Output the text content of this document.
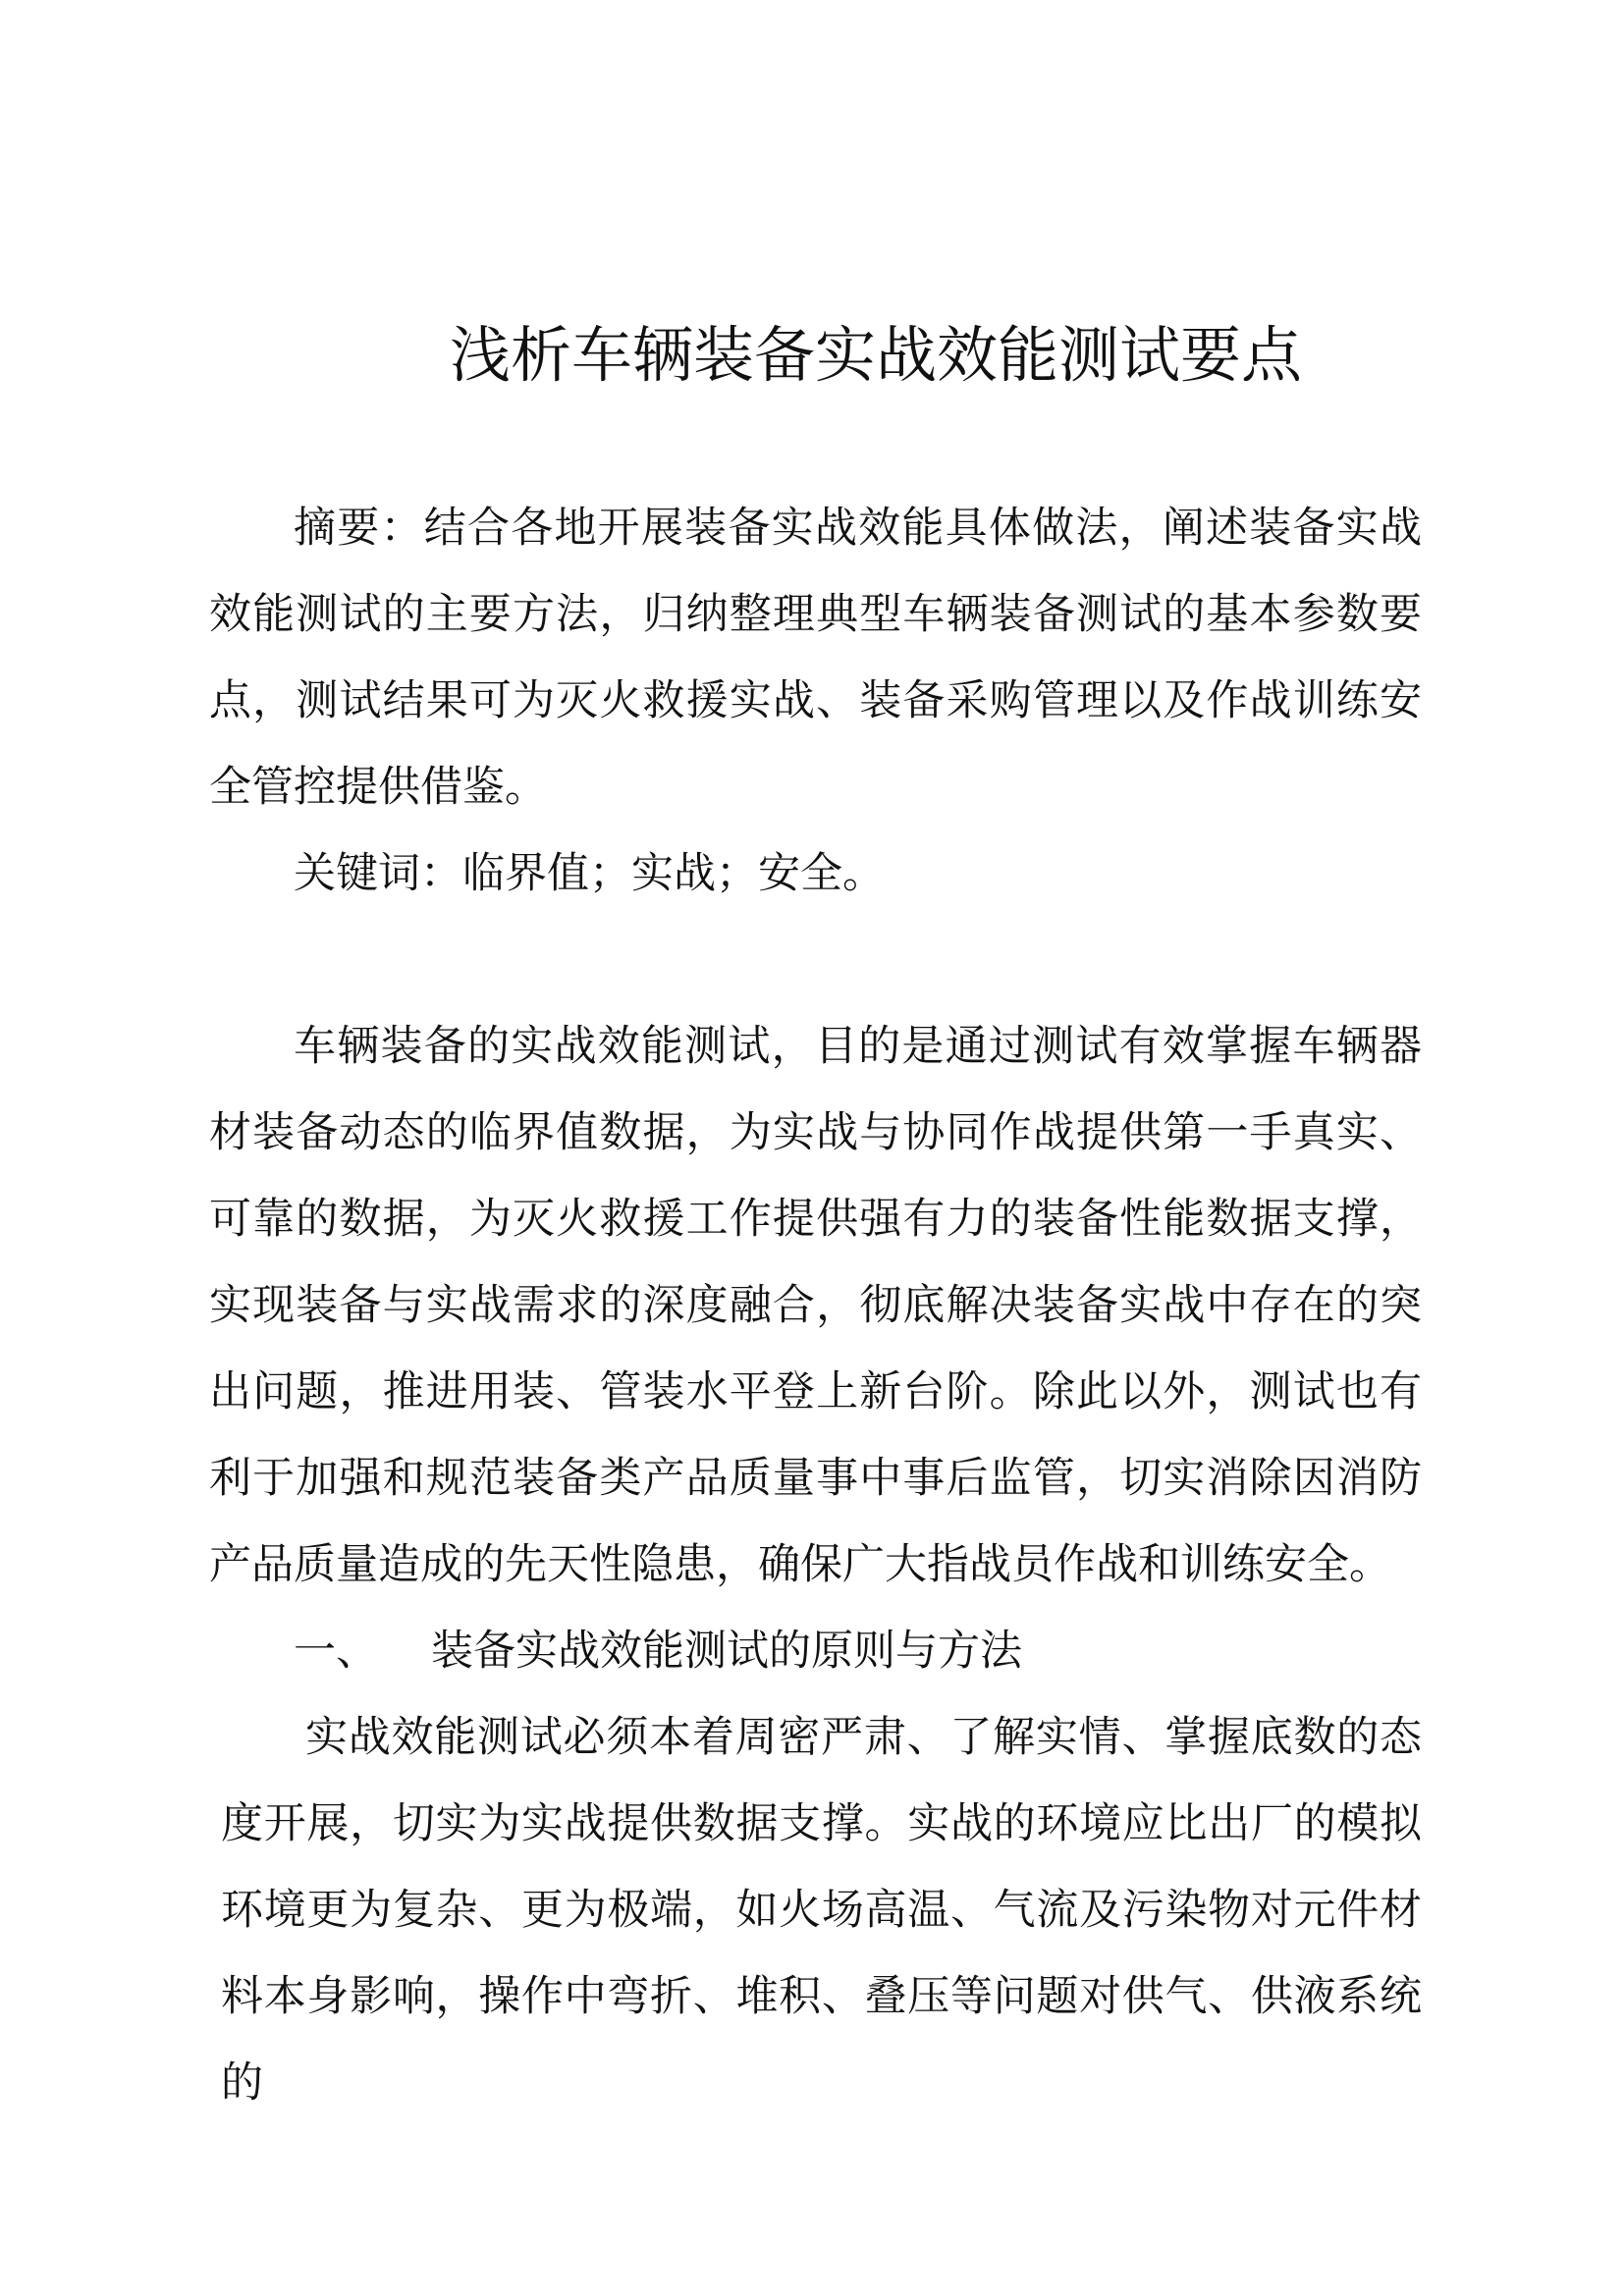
浅析车辆装备实战效能测试要点

摘要：结合各地开展装备实战效能具体做法，阐述装备实战效能测试的主要方法，归纳整理典型车辆装备测试的基本参数要点，测试结果可为灭火救援实战、装备采购管理以及作战训练安全管控提供借鉴。

关键词：临界值；实战；安全。

车辆装备的实战效能测试，目的是通过测试有效掌握车辆器材装备动态的临界值数据，为实战与协同作战提供第一手真实、可靠的数据，为灭火救援工作提供强有力的装备性能数据支撑，实现装备与实战需求的深度融合，彻底解决装备实战中存在的突出问题，推进用装、管装水平登上新台阶。除此以外，测试也有利于加强和规范装备类产品质量事中事后监管，切实消除因消防产品质量造成的先天性隐患，确保广大指战员作战和训练安全。

一、 装备实战效能测试的原则与方法

实战效能测试必须本着周密严肃、了解实情、掌握底数的态度开展，切实为实战提供数据支撑。实战的环境应比出厂的模拟环境更为复杂、更为极端，如火场高温、气流及污染物对元件材料本身影响，操作中弯折、堆积、叠压等问题对供气、供液系统的
